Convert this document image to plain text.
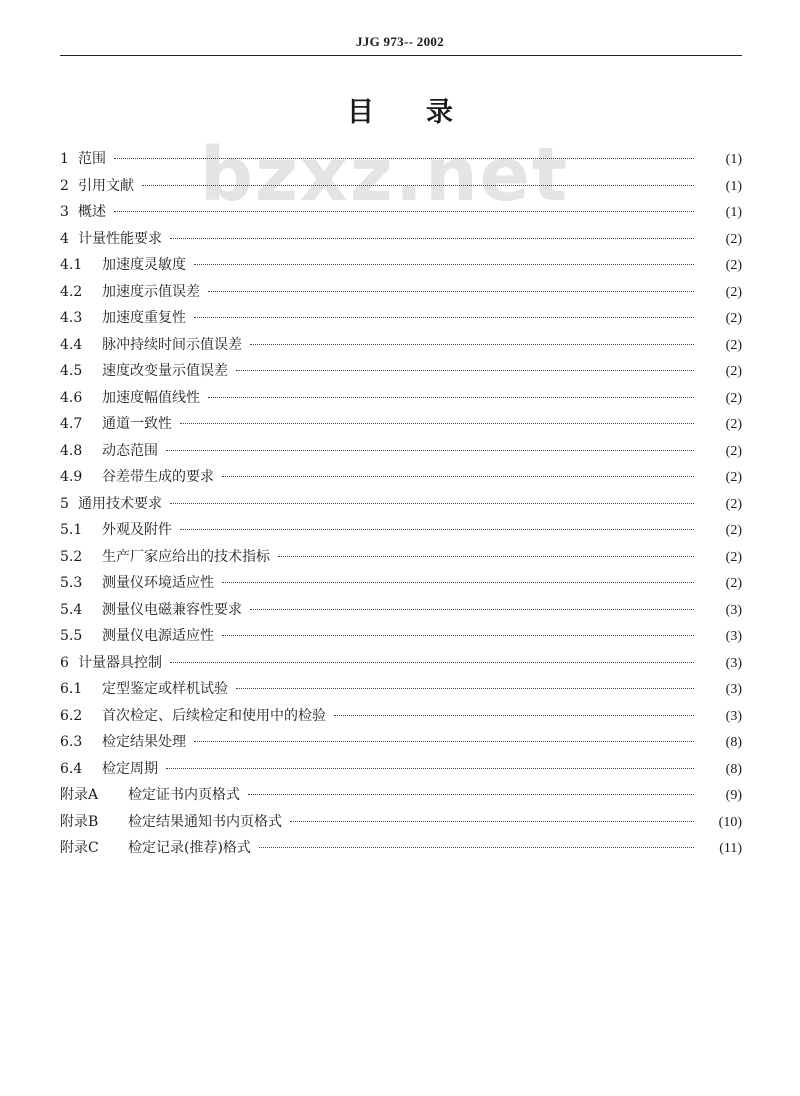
JJG 973-- 2002
目录
bzxz.net
1 范围	(1)
2 引用文献	(1)
3 概述	(1)
4 计量性能要求	(2)
4.1	加速度灵敏度	(2)
4.2	加速度示值误差	(2)
4.3	加速度重复性	(2)
4.4	脉冲持续时间示值误差	(2)
4.5	速度改变量示值误差	(2)
4.6	加速度幅值线性	(2)
4.7	通道一致性	(2)
4.8	动态范围	(2)
4.9	谷差带生成的要求	(2)
5 通用技术要求	(2)
5.1	外观及附件	(2)
5.2	生产厂家应给出的技术指标	(2)
5.3	测量仪环境适应性	(2)
5.4	测量仪电磁兼容性要求	(3)
5.5	测量仪电源适应性	(3)
6 计量器具控制	(3)
6.1	定型鉴定或样机试验	(3)
6.2	首次检定、后续检定和使用中的检验	(3)
6.3	检定结果处理	(8)
6.4	检定周期	(8)
附录A	检定证书内页格式	(9)
附录B	检定结果通知书内页格式	(10)
附录C	检定记录(推荐)格式	(11)
